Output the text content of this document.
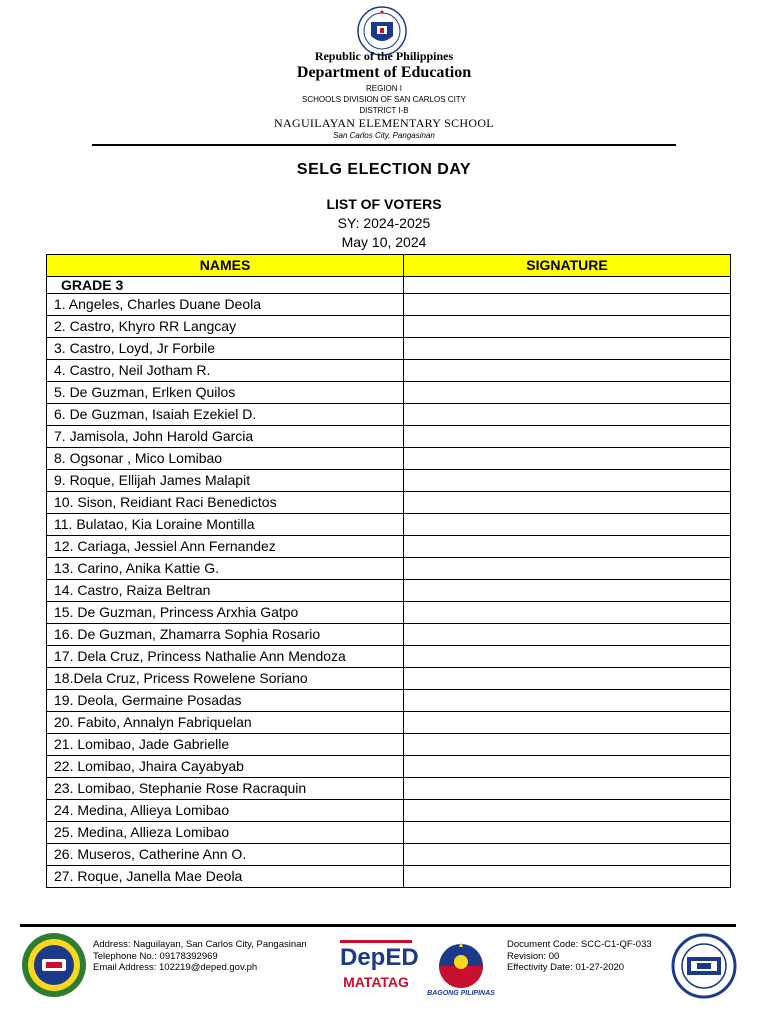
Republic of the Philippines
Department of Education
REGION I
SCHOOLS DIVISION OF SAN CARLOS CITY
DISTRICT I-B
NAGUILAYAN ELEMENTARY SCHOOL
San Carlos City, Pangasinan
SELG ELECTION DAY
LIST OF VOTERS
SY: 2024-2025
May 10, 2024
NAMES	SIGNATURE
GRADE 3	
1. Angeles, Charles Duane Deola	
2. Castro, Khyro RR Langcay	
3. Castro, Loyd, Jr Forbile	
4. Castro, Neil Jotham R.	
5. De Guzman, Erlken Quilos	
6. De Guzman, Isaiah Ezekiel D.	
7. Jamisola, John Harold Garcia	
8. Ogsonar , Mico Lomibao	
9. Roque, Ellijah James Malapit	
10. Sison, Reidiant Raci Benedictos	
11. Bulatao, Kia Loraine Montilla	
12. Cariaga, Jessiel Ann Fernandez	
13. Carino, Anika Kattie G.	
14. Castro, Raiza Beltran	
15. De Guzman, Princess Arxhia Gatpo	
16. De Guzman, Zhamarra Sophia Rosario	
17. Dela Cruz, Princess Nathalie Ann Mendoza	
18.Dela Cruz, Pricess Rowelene Soriano	
19. Deola, Germaine Posadas	
20. Fabito, Annalyn Fabriquelan	
21. Lomibao, Jade Gabrielle	
22. Lomibao, Jhaira Cayabyab	
23. Lomibao, Stephanie Rose Racraquin	
24. Medina, Allieya Lomibao	
25. Medina, Allieza Lomibao	
26. Museros, Catherine Ann O.	
27. Roque, Janella Mae Deola	
Address: Naguilayan, San Carlos City, Pangasinan
Telephone No.: 09178392969
Email Address: 102219@deped.gov.ph	DepED
MATATAG
BAGONG PILIPINAS
Document Code: SCC-C1-QF-033
Revision: 00
Effectivity Date: 01-27-2020
